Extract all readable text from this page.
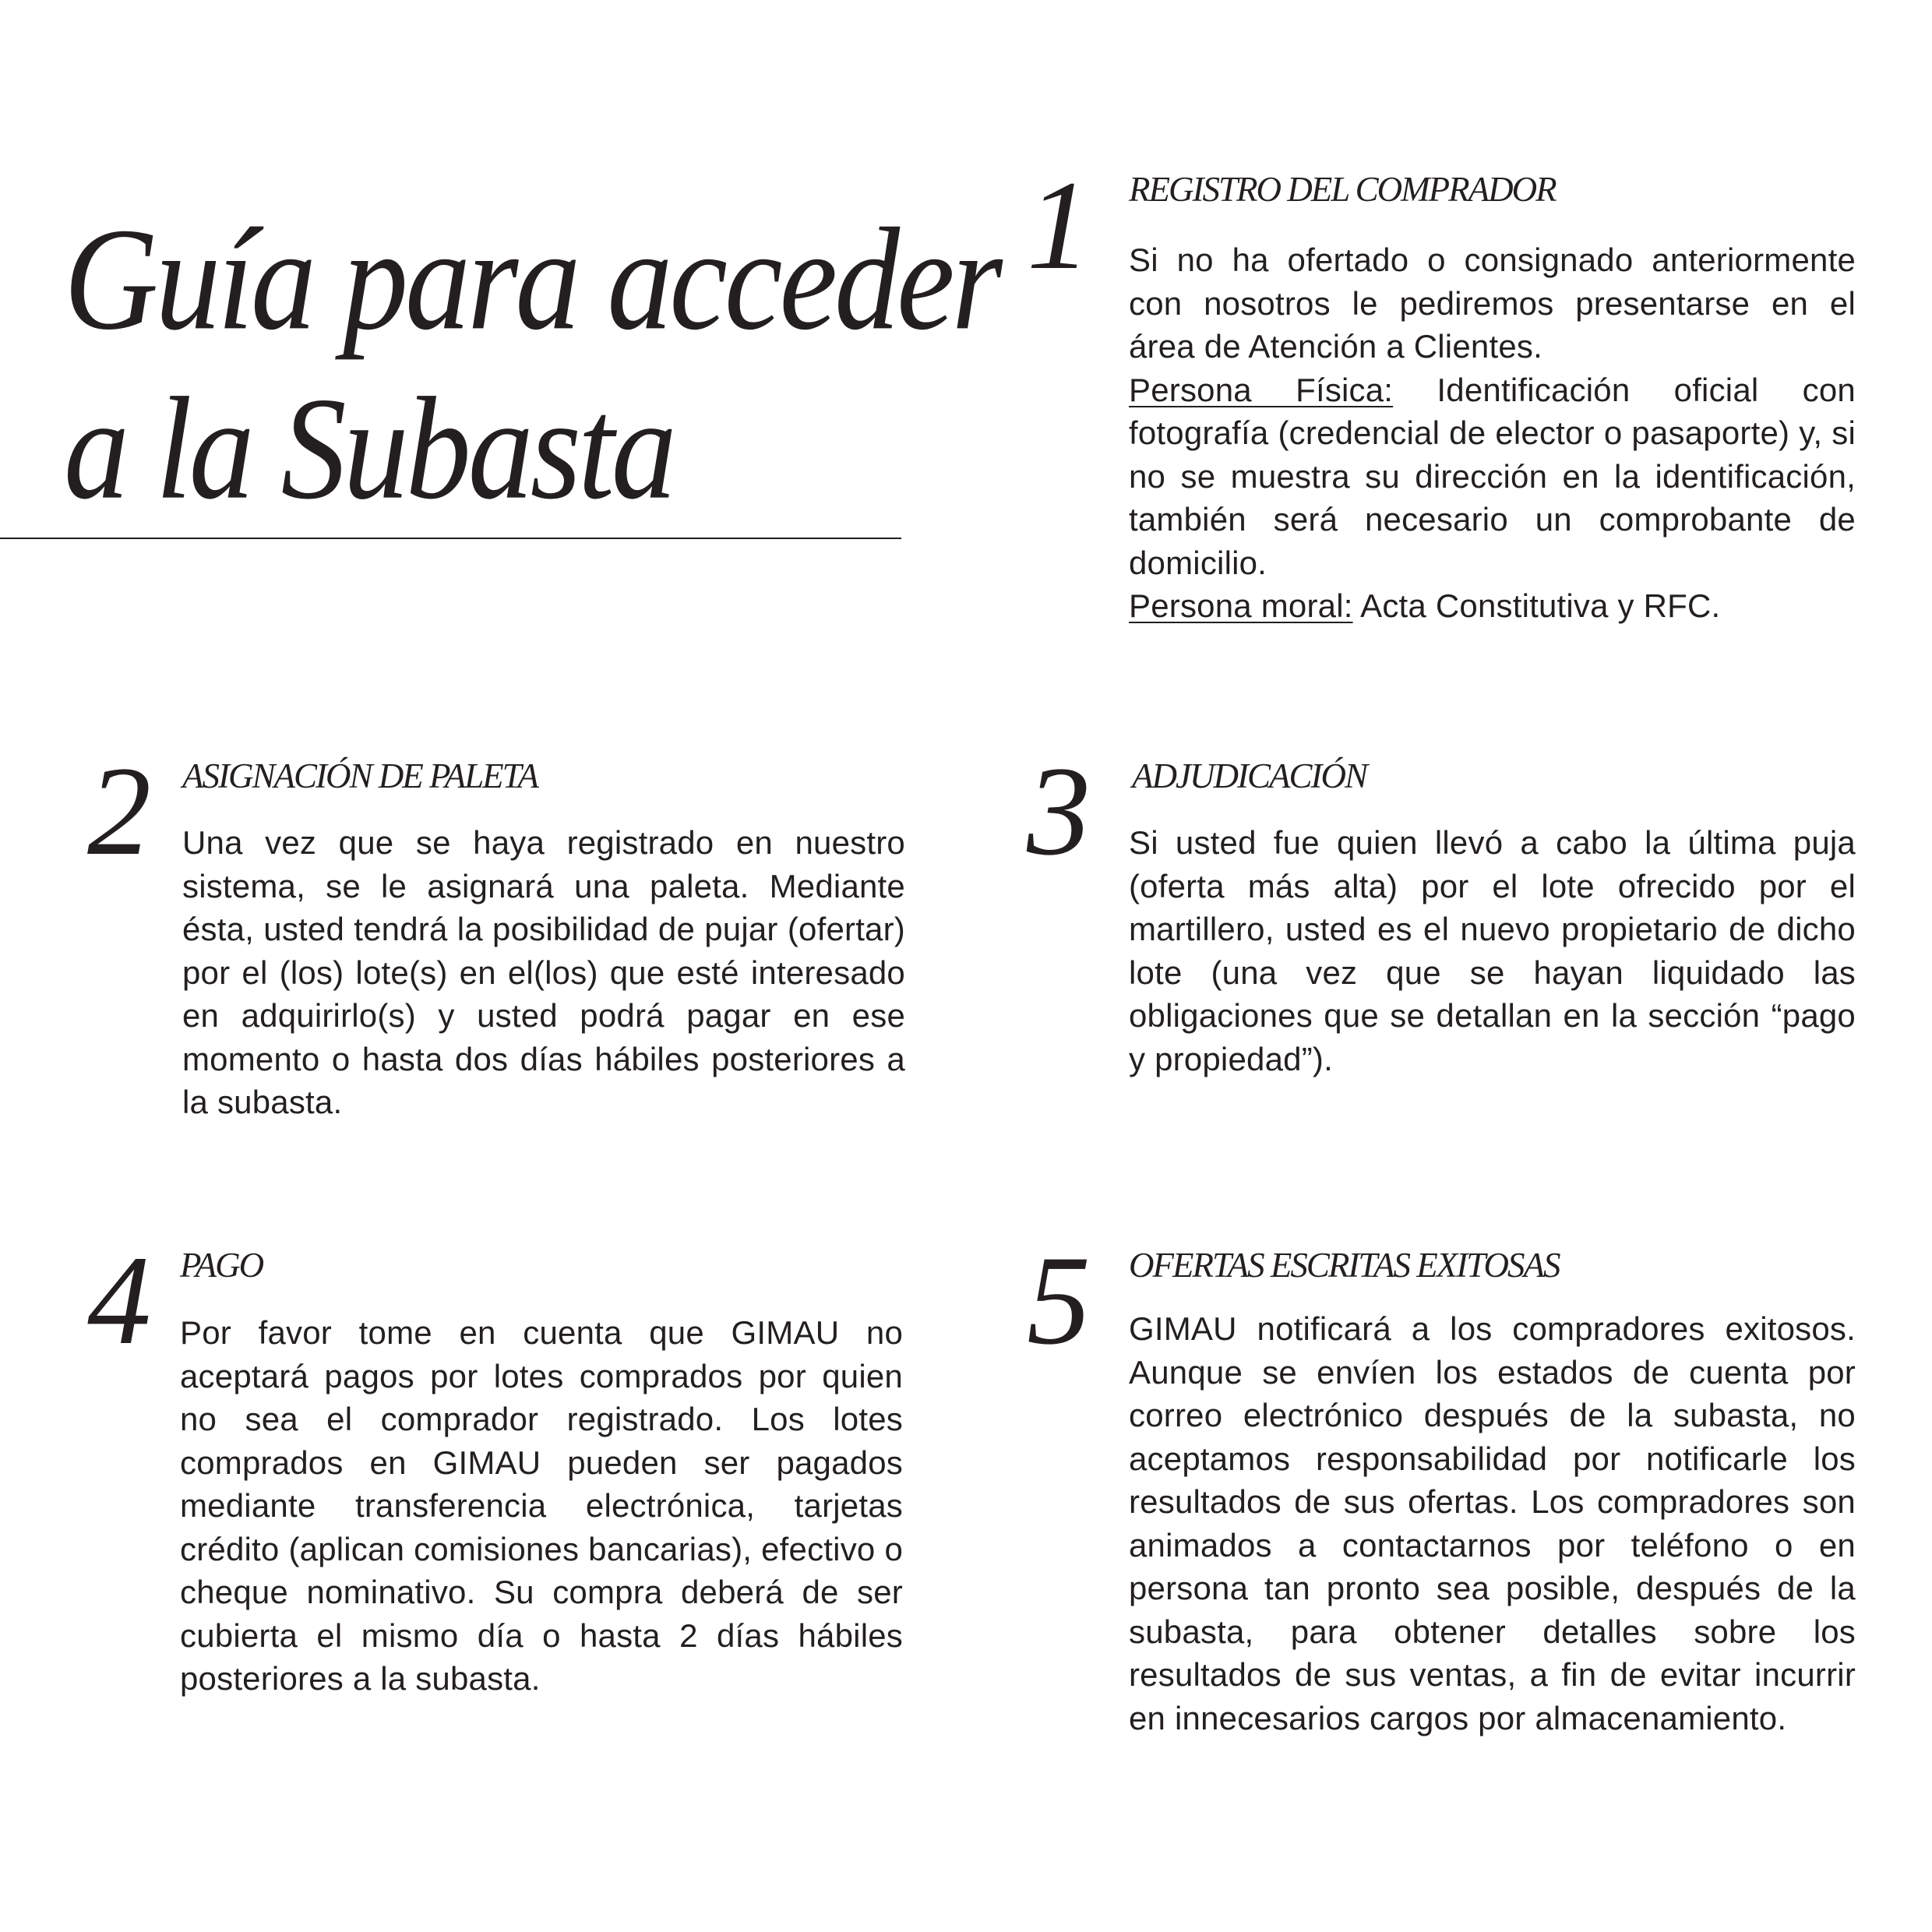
Guía para acceder
a la Subasta
1 REGISTRO DEL COMPRADOR

Si no ha ofertado o consignado anteriormente con nosotros le pediremos presentarse en el área de Atención a Clientes.
Persona Física: Identificación oficial con fotografía (credencial de elector o pasaporte) y, si no se muestra su dirección en la identificación, también será necesario un comprobante de domicilio.
Persona moral: Acta Constitutiva y RFC.

2 ASIGNACIÓN DE PALETA

Una vez que se haya registrado en nuestro sistema, se le asignará una paleta. Mediante ésta, usted tendrá la posibilidad de pujar (ofertar) por el (los) lote(s) en el(los) que esté interesado en adquirirlo(s) y usted podrá pagar en ese momento o hasta dos días hábiles posteriores a la subasta.

3 ADJUDICACIÓN

Si usted fue quien llevó a cabo la última puja (oferta más alta) por el lote ofrecido por el martillero, usted es el nuevo propietario de dicho lote (una vez que se hayan liquidado las obligaciones que se detallan en la sección “pago y propiedad”).

4 PAGO

Por favor tome en cuenta que GIMAU no aceptará pagos por lotes comprados por quien no sea el comprador registrado. Los lotes comprados en GIMAU pueden ser pagados mediante transferencia electrónica, tarjetas crédito (aplican comisiones bancarias), efectivo o cheque nominativo. Su compra deberá de ser cubierta el mismo día o hasta 2 días hábiles posteriores a la subasta.

5 OFERTAS ESCRITAS EXITOSAS

GIMAU notificará a los compradores exitosos. Aunque se envíen los estados de cuenta por correo electrónico después de la subasta, no aceptamos responsabilidad por notificarle los resultados de sus ofertas. Los compradores son animados a contactarnos por teléfono o en persona tan pronto sea posible, después de la subasta, para obtener detalles sobre los resultados de sus ventas, a fin de evitar incurrir en innecesarios cargos por almacenamiento.
